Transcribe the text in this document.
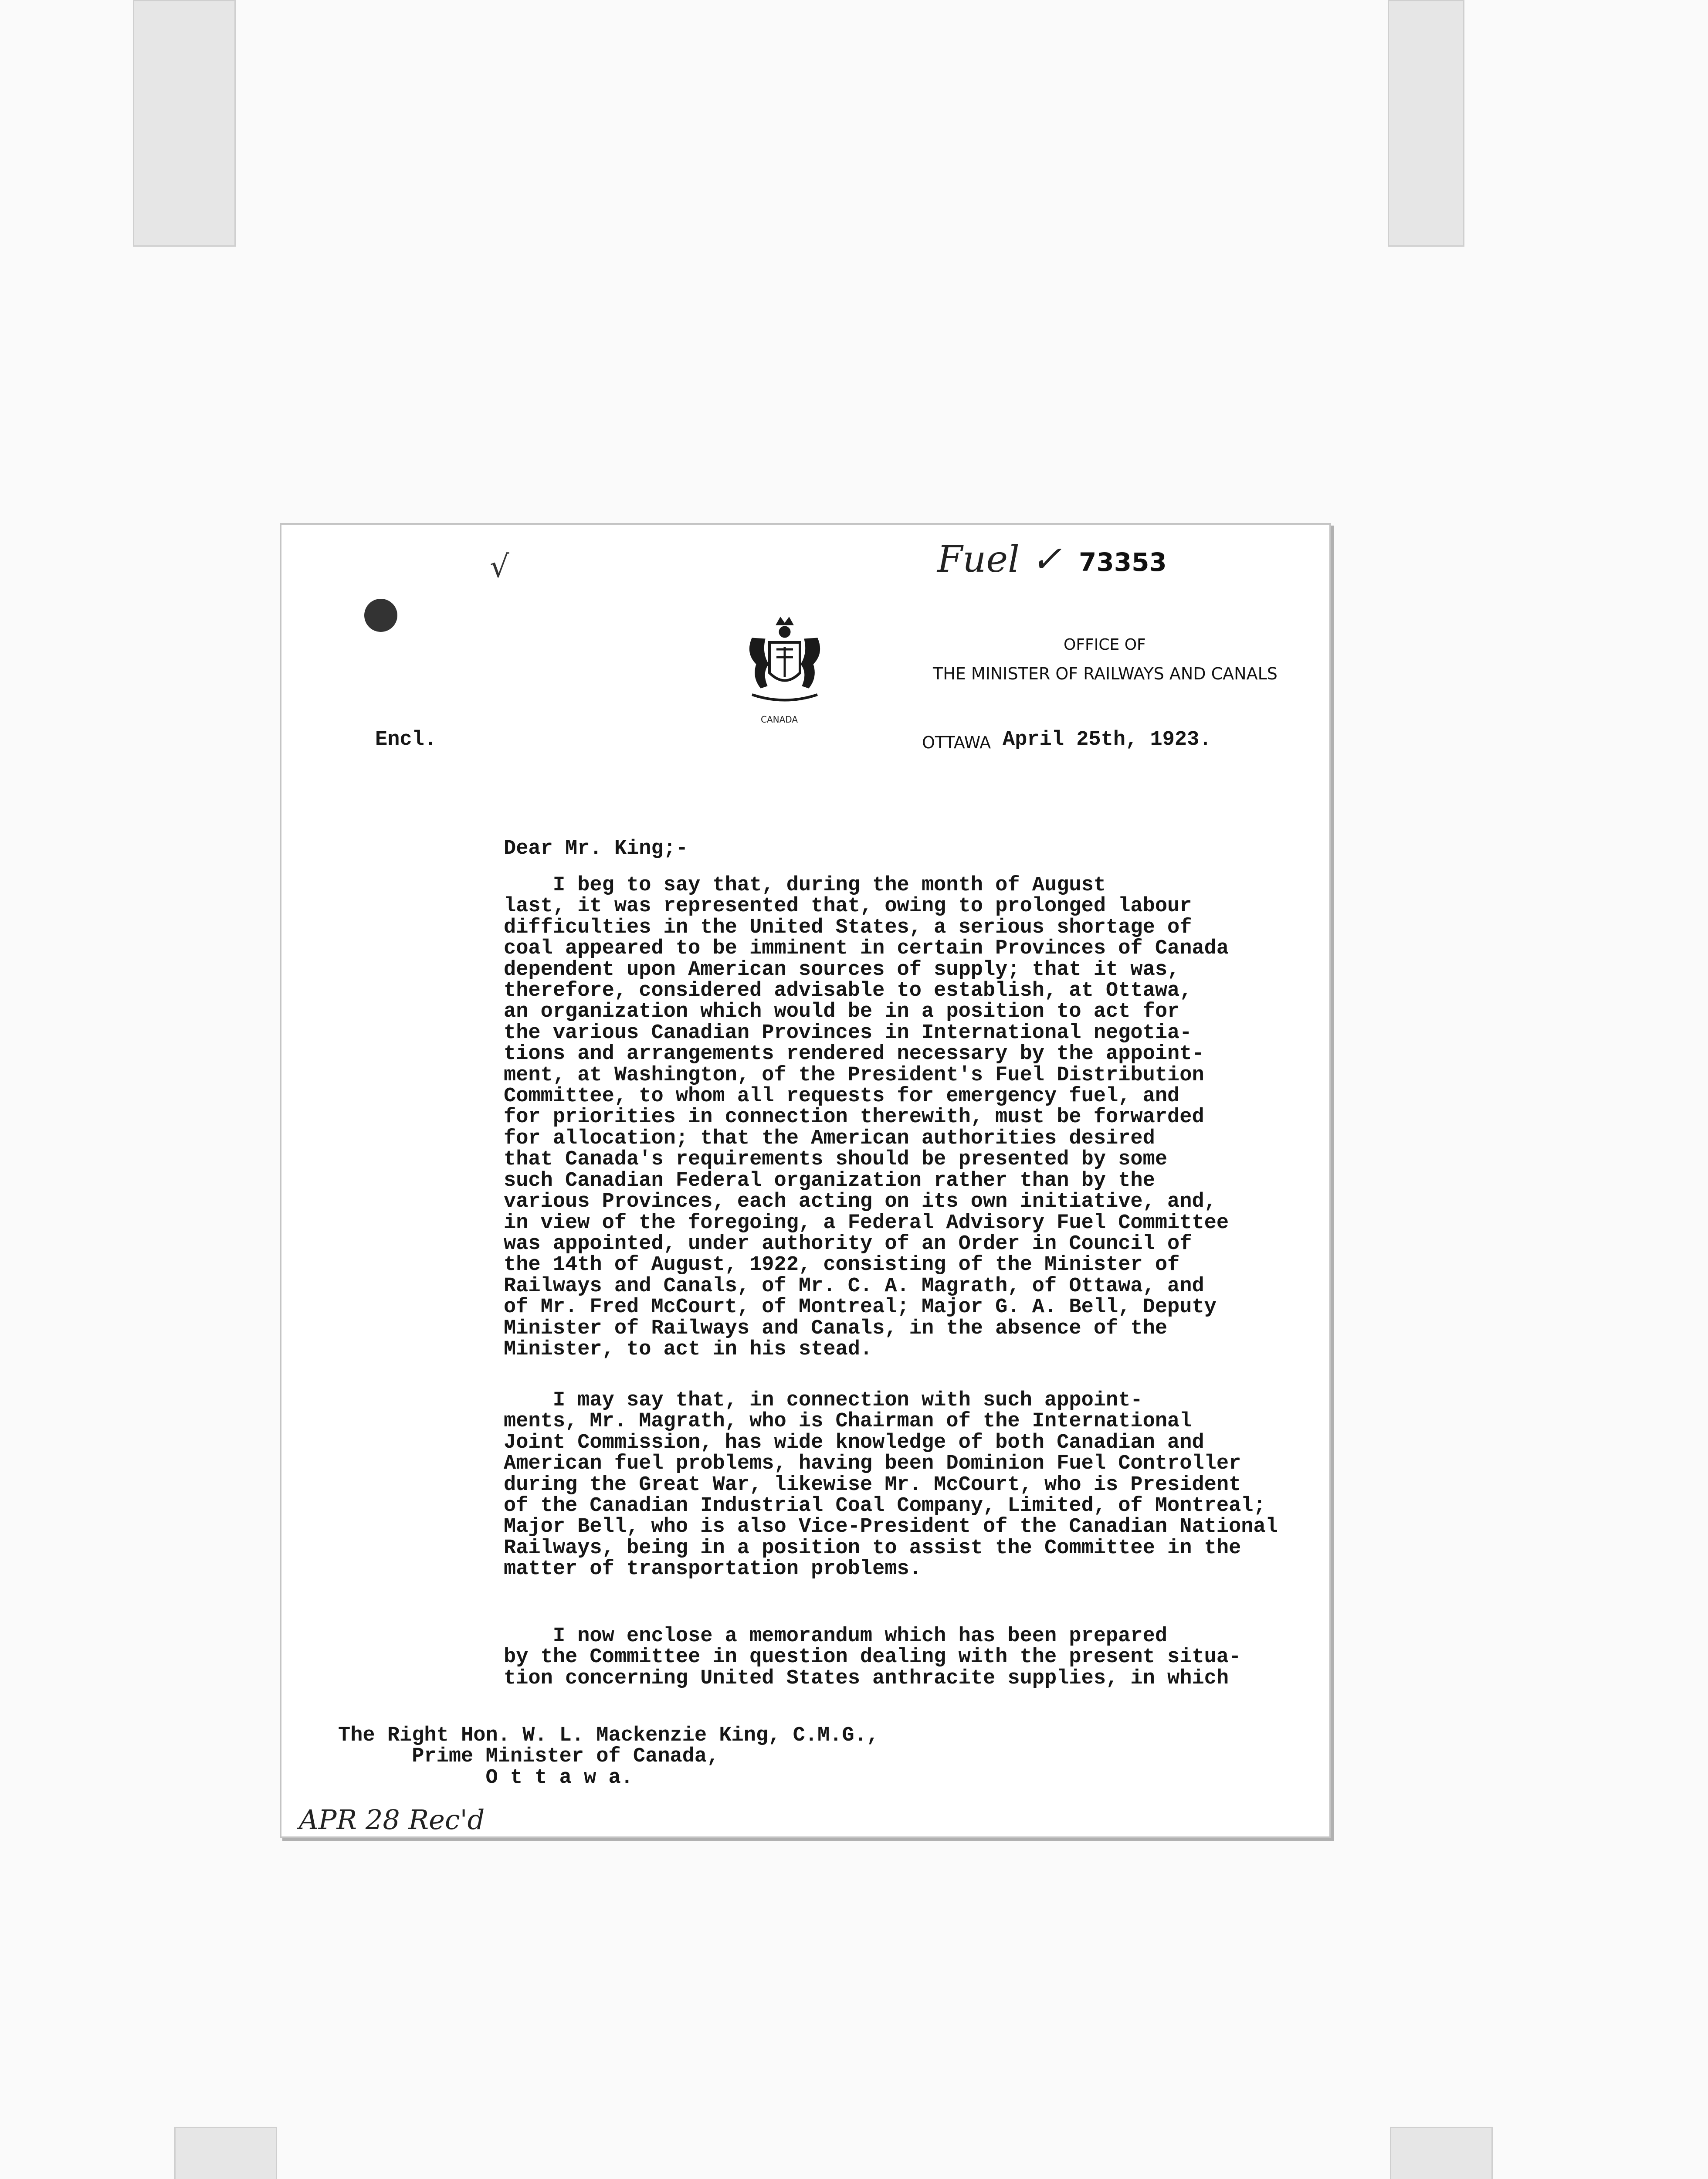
√	Fuel ✓ 73353
CANADA
OFFICE OF
THE MINISTER OF RAILWAYS AND CANALS
Encl.	OTTAWA April 25th, 1923.
Dear Mr. King;-
I beg to say that, during the month of August
last, it was represented that, owing to prolonged labour
difficulties in the United States, a serious shortage of
coal appeared to be imminent in certain Provinces of Canada
dependent upon American sources of supply; that it was,
therefore, considered advisable to establish, at Ottawa,
an organization which would be in a position to act for
the various Canadian Provinces in International negotia-
tions and arrangements rendered necessary by the appoint-
ment, at Washington, of the President's Fuel Distribution
Committee, to whom all requests for emergency fuel, and
for priorities in connection therewith, must be forwarded
for allocation; that the American authorities desired
that Canada's requirements should be presented by some
such Canadian Federal organization rather than by the
various Provinces, each acting on its own initiative, and,
in view of the foregoing, a Federal Advisory Fuel Committee
was appointed, under authority of an Order in Council of
the 14th of August, 1922, consisting of the Minister of
Railways and Canals, of Mr. C. A. Magrath, of Ottawa, and
of Mr. Fred McCourt, of Montreal; Major G. A. Bell, Deputy
Minister of Railways and Canals, in the absence of the
Minister, to act in his stead.
I may say that, in connection with such appoint-
ments, Mr. Magrath, who is Chairman of the International
Joint Commission, has wide knowledge of both Canadian and
American fuel problems, having been Dominion Fuel Controller
during the Great War, likewise Mr. McCourt, who is President
of the Canadian Industrial Coal Company, Limited, of Montreal;
Major Bell, who is also Vice-President of the Canadian National
Railways, being in a position to assist the Committee in the
matter of transportation problems.
I now enclose a memorandum which has been prepared
by the Committee in question dealing with the present situa-
tion concerning United States anthracite supplies, in which
The Right Hon. W. L. Mackenzie King, C.M.G.,
Prime Minister of Canada,
O t t a w a.
APR 28 Rec'd
